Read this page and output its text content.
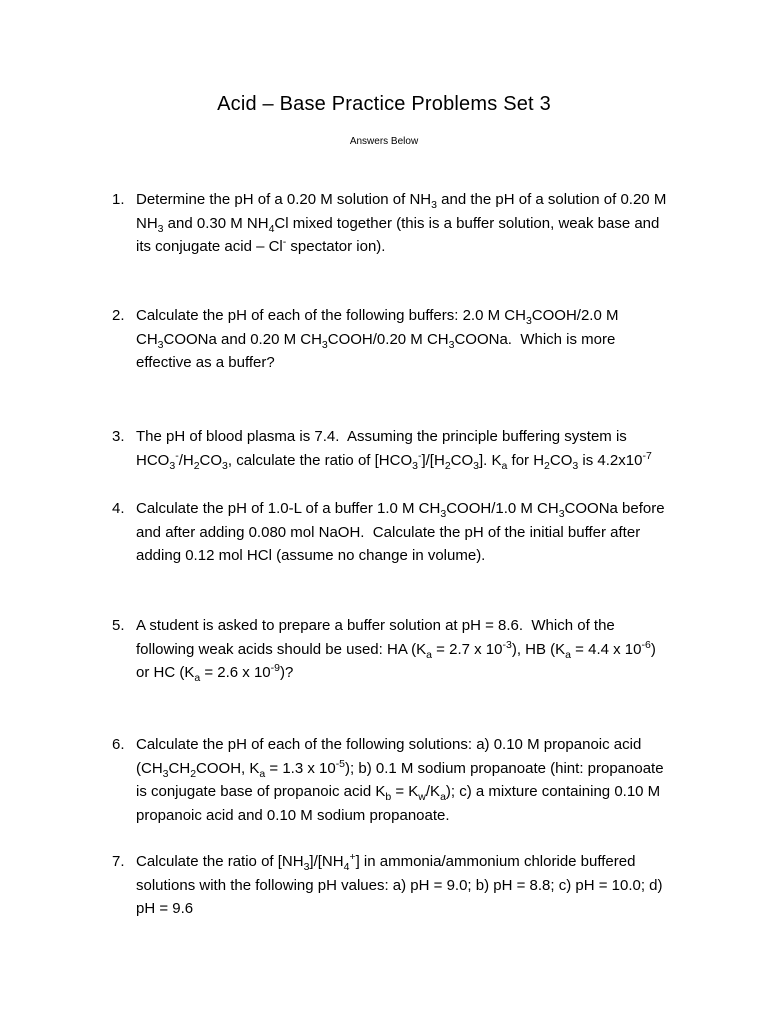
Acid – Base Practice Problems Set 3
Answers Below
1. Determine the pH of a 0.20 M solution of $NH_3$ and the pH of a solution of 0.20 M $NH_3$ and 0.30 M $NH_4Cl$ mixed together (this is a buffer solution, weak base and its conjugate acid – Cl- spectator ion).
2. Calculate the pH of each of the following buffers: 2.0 M $CH_3COOH/2.0$ M $CH_3COONa$ and 0.20 M $CH_3COOH/0.20$ M $CH_3COONa$.  Which is more effective as a buffer?
3. The pH of blood plasma is 7.4.  Assuming the principle buffering system is $HCO_3^-/H_2CO_3$, calculate the ratio of $[HCO_3^-]/[H_2CO_3]$. $K_a$ for $H_2CO_3$ is $4.2x10^{-7}$
4. Calculate the pH of 1.0-L of a buffer 1.0 M $CH_3COOH/1.0$ M $CH_3COONa$ before and after adding 0.080 mol NaOH.  Calculate the pH of the initial buffer after adding 0.12 mol HCl (assume no change in volume).
5. A student is asked to prepare a buffer solution at pH = 8.6.  Which of the following weak acids should be used: HA ($K_a = 2.7$ x $10^{-3}$), HB ($K_a = 4.4$ x $10^{-6}$) or HC ($K_a = 2.6$ x $10^{-9}$)?
6. Calculate the pH of each of the following solutions: a) 0.10 M propanoic acid ($CH_3CH_2COOH$, $K_a = 1.3$ x $10^{-5}$); b) 0.1 M sodium propanoate (hint: propanoate is conjugate base of propanoic acid $K_b = K_w/K_a$); c) a mixture containing 0.10 M propanoic acid and 0.10 M sodium propanoate.
7. Calculate the ratio of $[NH_3]/[NH_4^+]$ in ammonia/ammonium chloride buffered solutions with the following pH values: a) pH = 9.0; b) pH = 8.8; c) pH = 10.0; d) pH = 9.6
